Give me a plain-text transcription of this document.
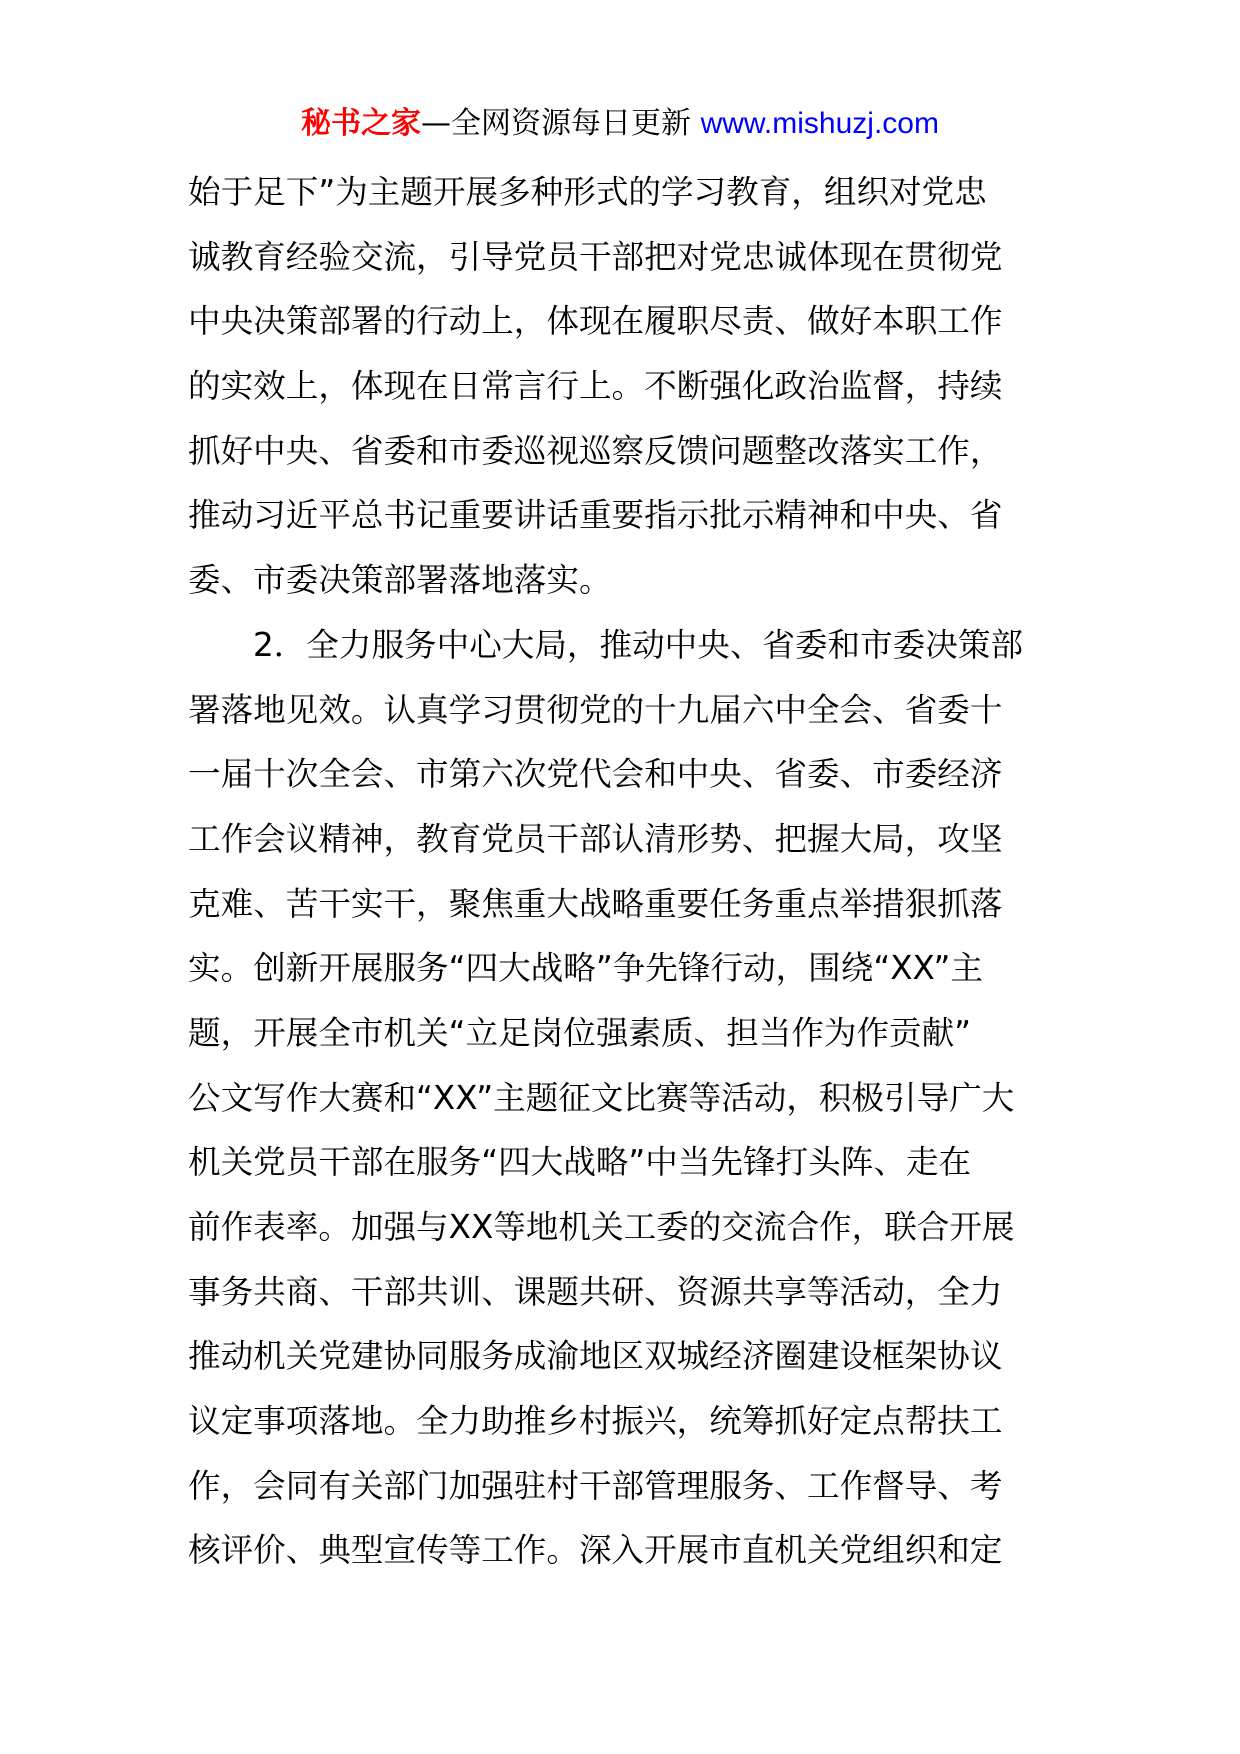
秘书之家—全网资源每日更新 www.mishuzj.com
始于足下”为主题开展多种形式的学习教育，组织对党忠
诚教育经验交流，引导党员干部把对党忠诚体现在贯彻党
中央决策部署的行动上，体现在履职尽责、做好本职工作
的实效上，体现在日常言行上。不断强化政治监督，持续
抓好中央、省委和市委巡视巡察反馈问题整改落实工作，
推动习近平总书记重要讲话重要指示批示精神和中央、省
委、市委决策部署落地落实。
2．全力服务中心大局，推动中央、省委和市委决策部
署落地见效。认真学习贯彻党的十九届六中全会、省委十
一届十次全会、市第六次党代会和中央、省委、市委经济
工作会议精神，教育党员干部认清形势、把握大局，攻坚
克难、苦干实干，聚焦重大战略重要任务重点举措狠抓落
实。创新开展服务“四大战略”争先锋行动，围绕“XX”主
题，开展全市机关“立足岗位强素质、担当作为作贡献”
公文写作大赛和“XX”主题征文比赛等活动，积极引导广大
机关党员干部在服务“四大战略”中当先锋打头阵、走在
前作表率。加强与XX等地机关工委的交流合作，联合开展
事务共商、干部共训、课题共研、资源共享等活动，全力
推动机关党建协同服务成渝地区双城经济圈建设框架协议
议定事项落地。全力助推乡村振兴，统筹抓好定点帮扶工
作，会同有关部门加强驻村干部管理服务、工作督导、考
核评价、典型宣传等工作。深入开展市直机关党组织和定
